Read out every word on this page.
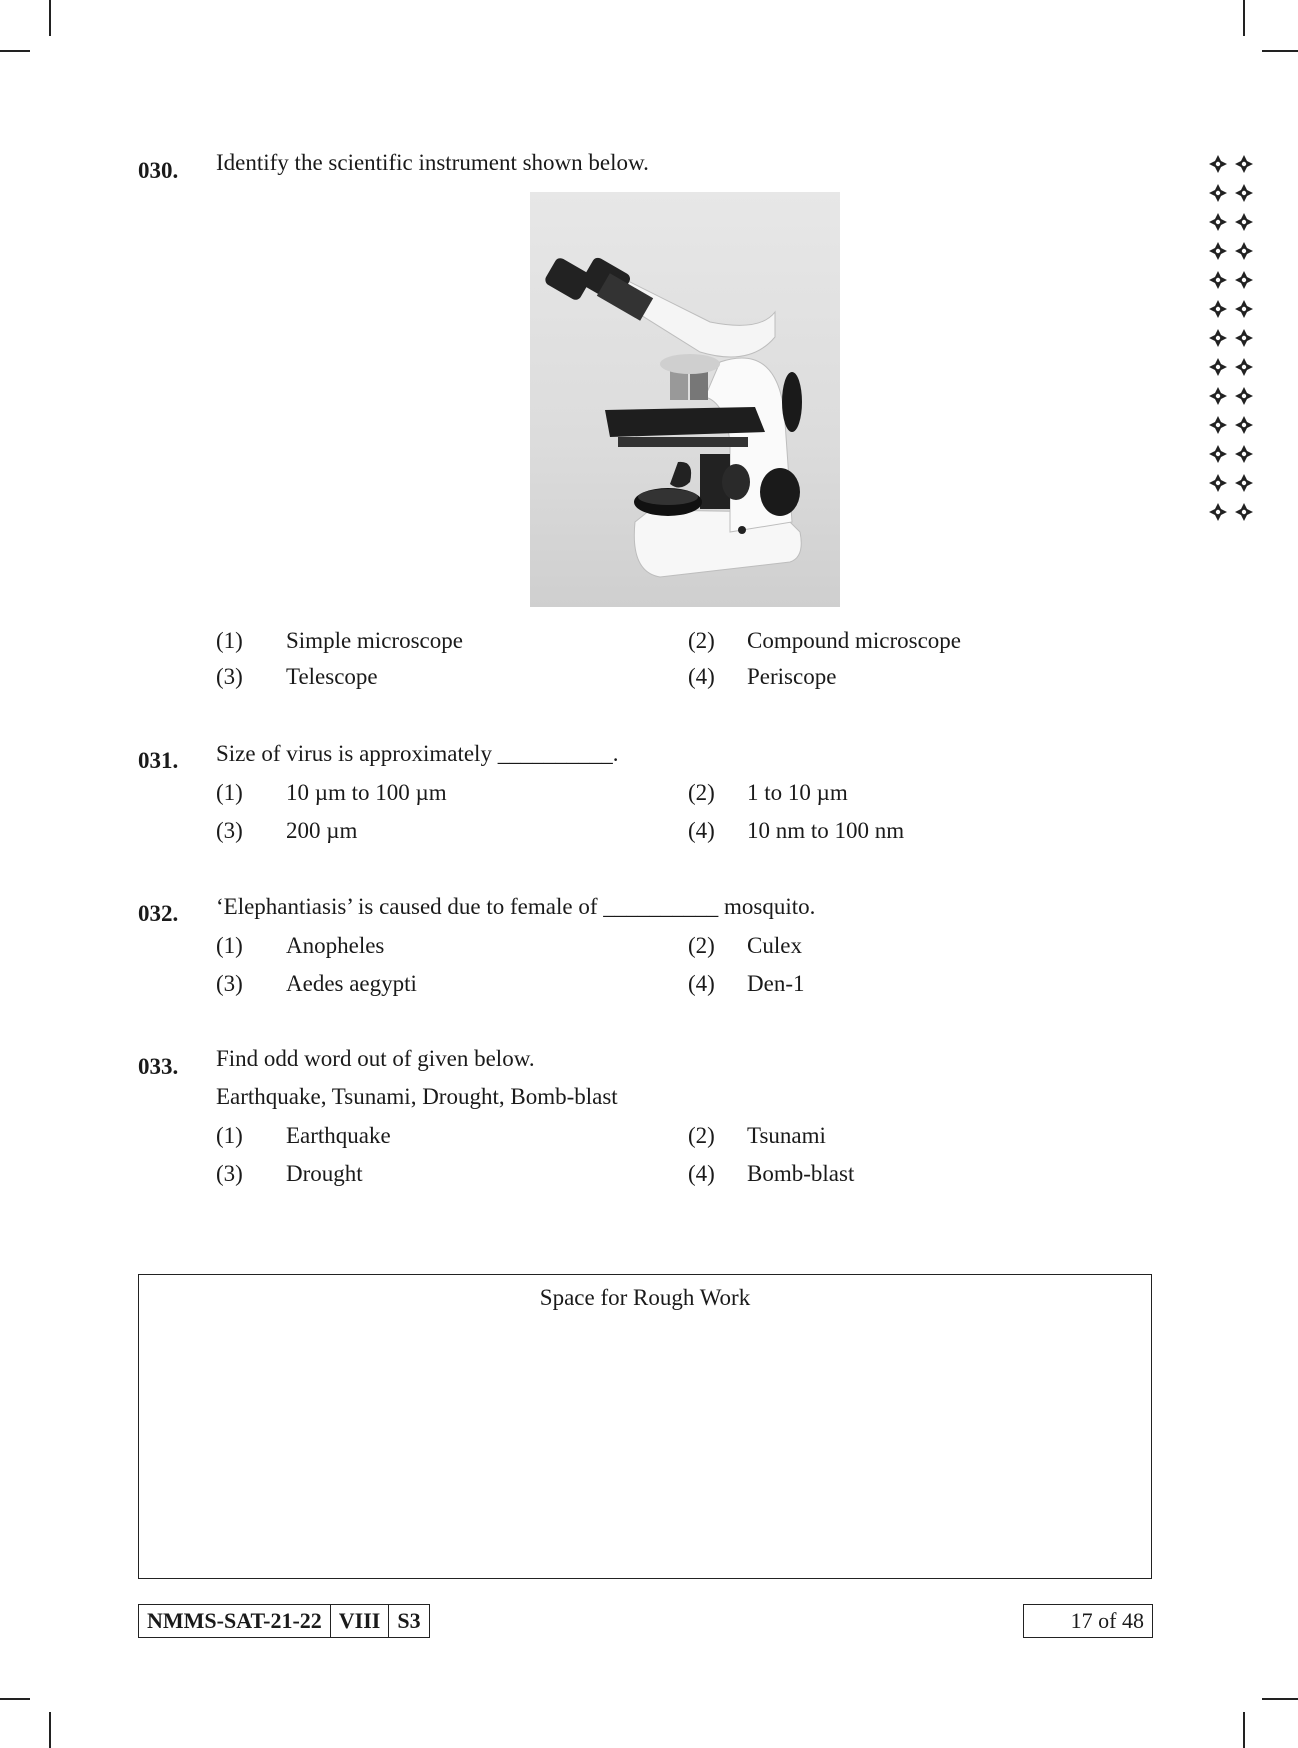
030. Identify the scientific instrument shown below.
(1) Simple microscope	(2) Compound microscope
(3) Telescope	(4) Periscope
031. Size of virus is approximately __________.
(1) 10 µm to 100 µm	(2) 1 to 10 µm
(3) 200 µm	(4) 10 nm to 100 nm
032. ‘Elephantiasis’ is caused due to female of __________ mosquito.
(1) Anopheles	(2) Culex
(3) Aedes aegypti	(4) Den-1
033. Find odd word out of given below.
Earthquake, Tsunami, Drought, Bomb-blast
(1) Earthquake	(2) Tsunami
(3) Drought	(4) Bomb-blast
Space for Rough Work
NMMS-SAT-21-22 VIII S3	17 of 48
